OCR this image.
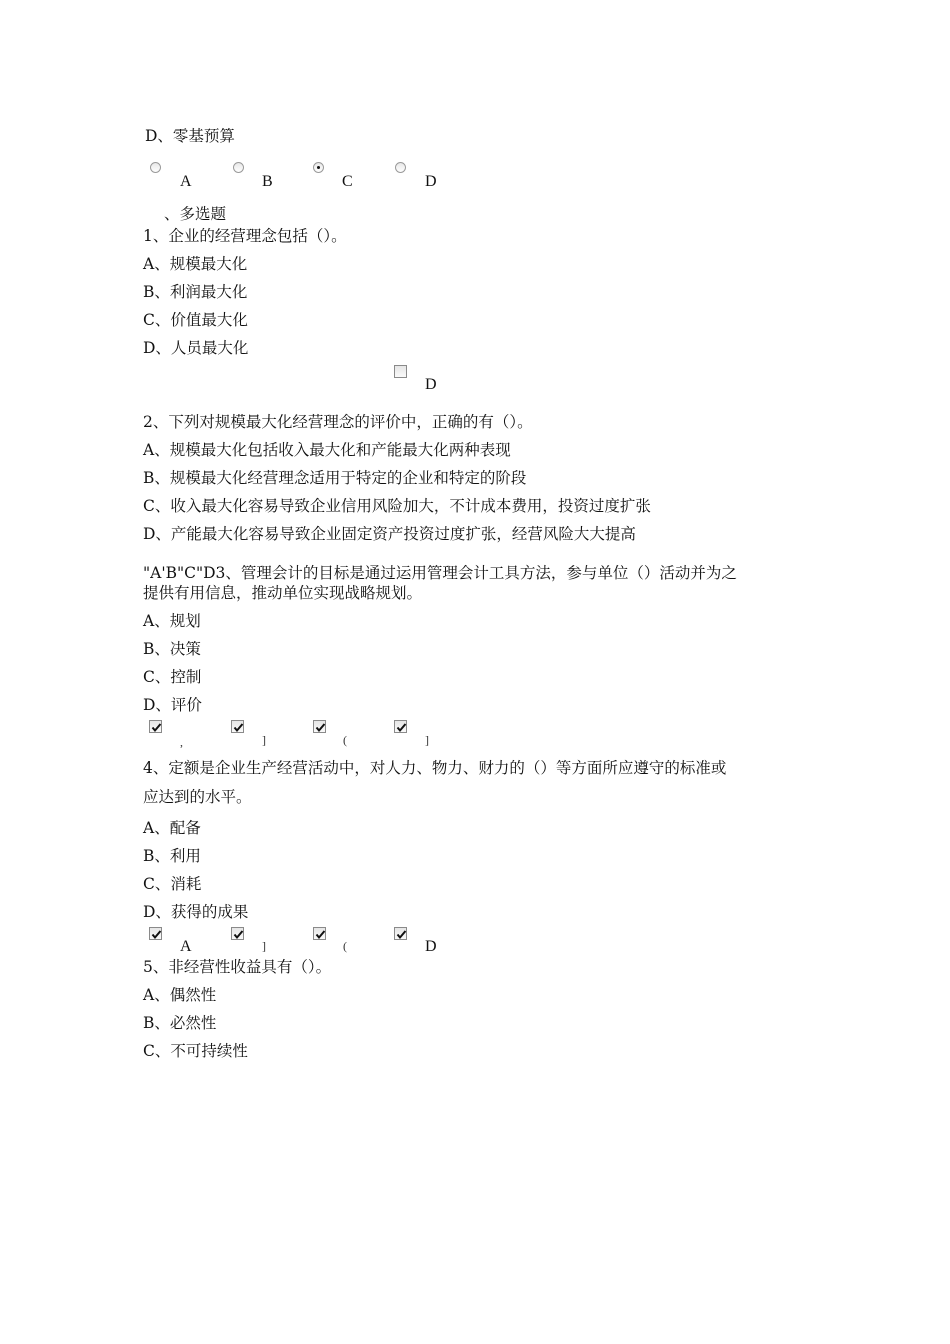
D、零基预算
A	B	C	D
、多选题
1、企业的经营理念包括（）。
A、规模最大化
B、利润最大化
C、价值最大化
D、人员最大化
D
2、下列对规模最大化经营理念的评价中，正确的有（）。
A、规模最大化包括收入最大化和产能最大化两种表现
B、规模最大化经营理念适用于特定的企业和特定的阶段
C、收入最大化容易导致企业信用风险加大，不计成本费用，投资过度扩张
D、产能最大化容易导致企业固定资产投资过度扩张，经营风险大大提高
"A'B"C"D3、管理会计的目标是通过运用管理会计工具方法，参与单位（）活动并为之
提供有用信息，推动单位实现战略规划。
A、规划
B、决策
C、控制
D、评价
,	]	(	]
4、定额是企业生产经营活动中，对人力、物力、财力的（）等方面所应遵守的标准或
应达到的水平。
A、配备
B、利用
C、消耗
D、获得的成果
A	]	(	D
5、非经营性收益具有（）。
A、偶然性
B、必然性
C、不可持续性
